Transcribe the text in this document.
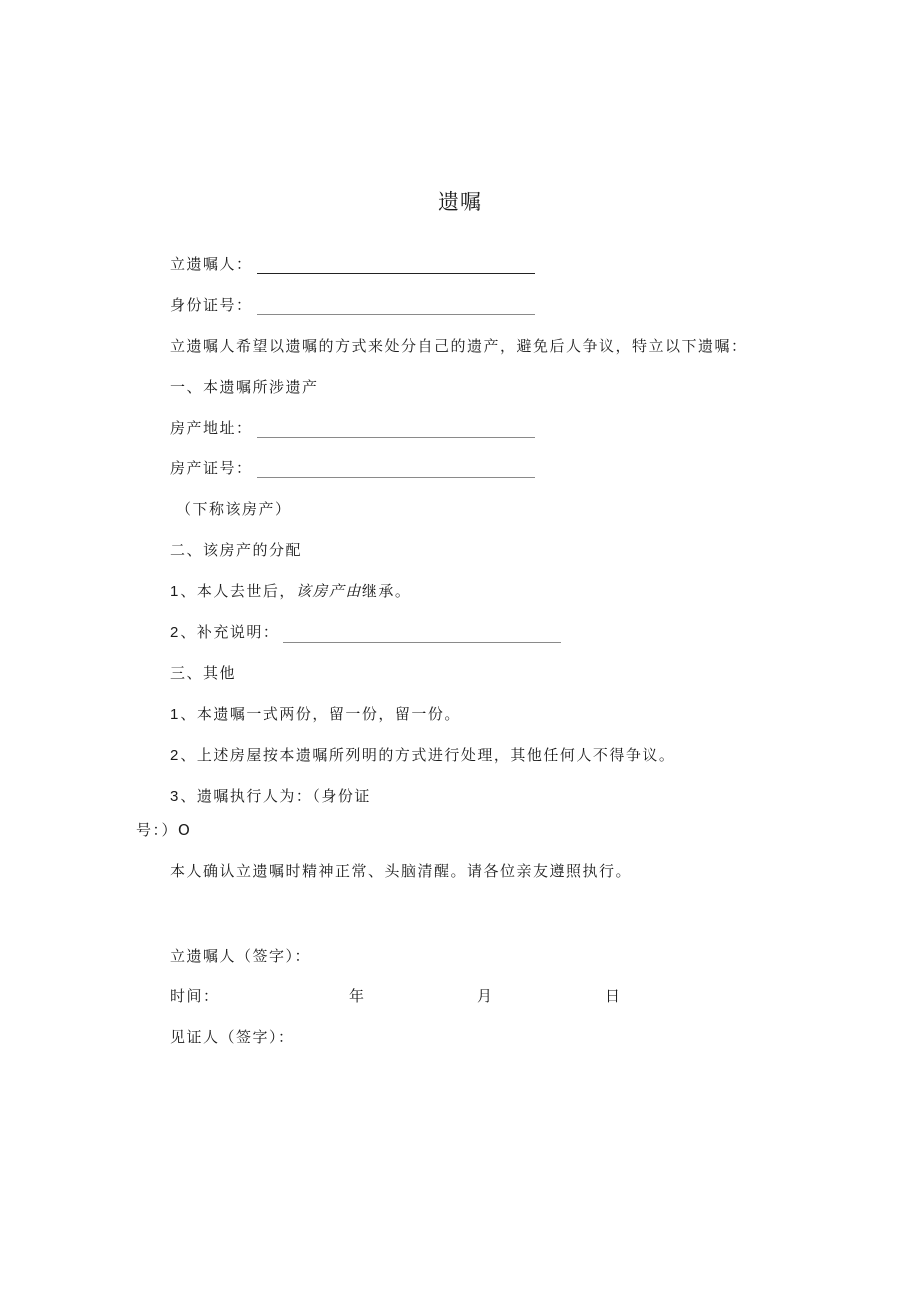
遗嘱
立遗嘱人：
身份证号：
立遗嘱人希望以遗嘱的方式来处分自己的遗产，避免后人争议，特立以下遗嘱：
一、本遗嘱所涉遗产
房产地址：
房产证号：
（下称该房产）
二、该房产的分配
1 、本人去世后，该房产由继承。
2 、补充说明：
三、其他
1 、本遗嘱一式两份，留一份，留一份。
2 、上述房屋按本遗嘱所列明的方式进行处理，其他任何人不得争议。
3 、遗嘱执行人为：（身份证
号：）O
本人确认立遗嘱时精神正常、头脑清醒。请各位亲友遵照执行。
立遗嘱人（签字）：
时间：	年	月	日
见证人（签字）：
